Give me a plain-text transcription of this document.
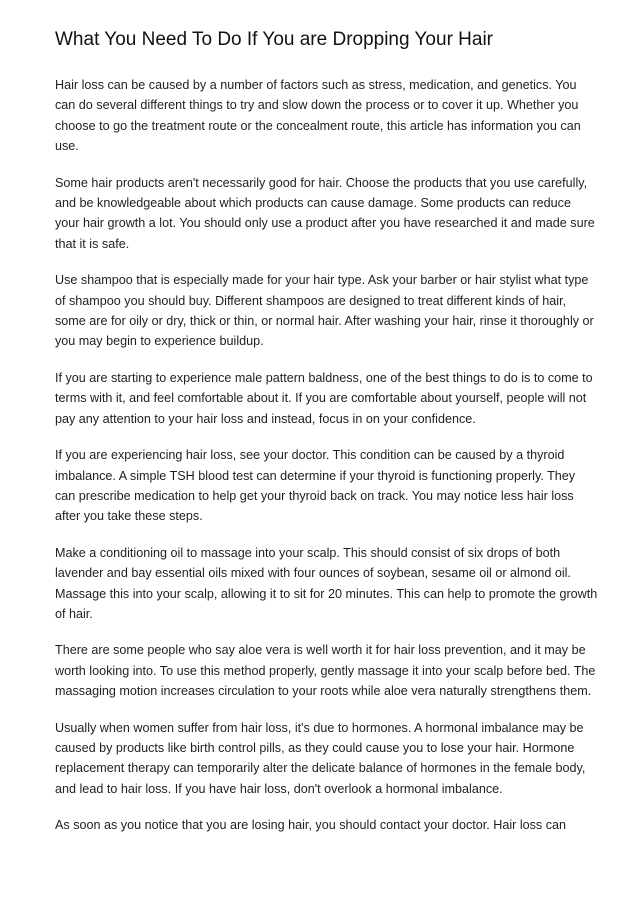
What You Need To Do If You are Dropping Your Hair

Hair loss can be caused by a number of factors such as stress, medication, and genetics. You can do several different things to try and slow down the process or to cover it up. Whether you choose to go the treatment route or the concealment route, this article has information you can use.

Some hair products aren't necessarily good for hair. Choose the products that you use carefully, and be knowledgeable about which products can cause damage. Some products can reduce your hair growth a lot. You should only use a product after you have researched it and made sure that it is safe.

Use shampoo that is especially made for your hair type. Ask your barber or hair stylist what type of shampoo you should buy. Different shampoos are designed to treat different kinds of hair, some are for oily or dry, thick or thin, or normal hair. After washing your hair, rinse it thoroughly or you may begin to experience buildup.

If you are starting to experience male pattern baldness, one of the best things to do is to come to terms with it, and feel comfortable about it. If you are comfortable about yourself, people will not pay any attention to your hair loss and instead, focus in on your confidence.

If you are experiencing hair loss, see your doctor. This condition can be caused by a thyroid imbalance. A simple TSH blood test can determine if your thyroid is functioning properly. They can prescribe medication to help get your thyroid back on track. You may notice less hair loss after you take these steps.

Make a conditioning oil to massage into your scalp. This should consist of six drops of both lavender and bay essential oils mixed with four ounces of soybean, sesame oil or almond oil. Massage this into your scalp, allowing it to sit for 20 minutes. This can help to promote the growth of hair.

There are some people who say aloe vera is well worth it for hair loss prevention, and it may be worth looking into. To use this method properly, gently massage it into your scalp before bed. The massaging motion increases circulation to your roots while aloe vera naturally strengthens them.

Usually when women suffer from hair loss, it's due to hormones. A hormonal imbalance may be caused by products like birth control pills, as they could cause you to lose your hair. Hormone replacement therapy can temporarily alter the delicate balance of hormones in the female body, and lead to hair loss. If you have hair loss, don't overlook a hormonal imbalance.

As soon as you notice that you are losing hair, you should contact your doctor. Hair loss can
